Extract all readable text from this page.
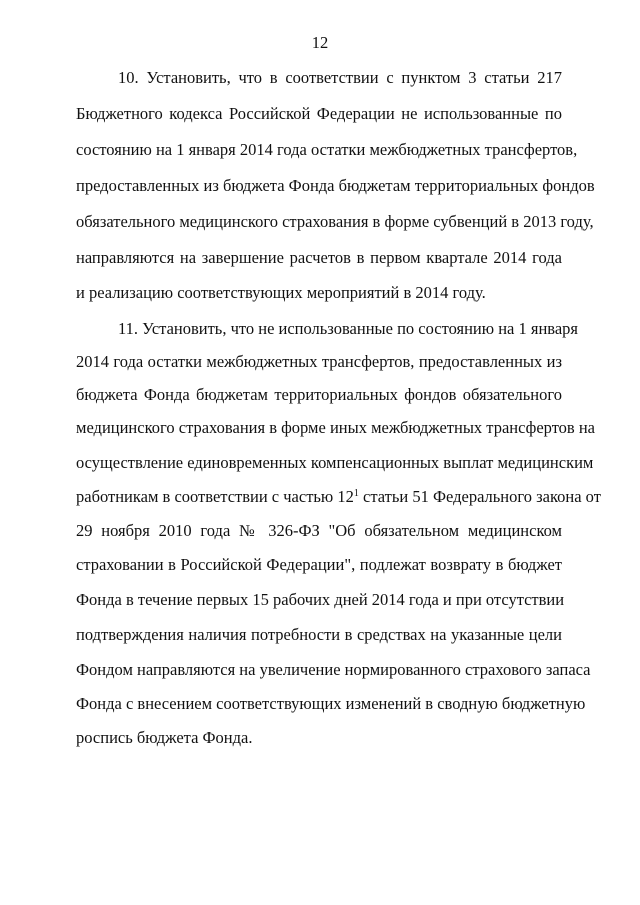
12
10. Установить, что в соответствии с пунктом 3 статьи 217
Бюджетного кодекса Российской Федерации не использованные по
состоянию на 1 января 2014 года остатки межбюджетных трансфертов,
предоставленных из бюджета Фонда бюджетам территориальных фондов
обязательного медицинского страхования в форме субвенций в 2013 году,
направляются на завершение расчетов в первом квартале 2014 года
и реализацию соответствующих мероприятий в 2014 году.
11. Установить, что не использованные по состоянию на 1 января
2014 года остатки межбюджетных трансфертов, предоставленных из
бюджета Фонда бюджетам территориальных фондов обязательного
медицинского страхования в форме иных межбюджетных трансфертов на
осуществление единовременных компенсационных выплат медицинским
работникам в соответствии с частью $12^1$ статьи 51 Федерального закона от
29 ноября 2010 года № 326-ФЗ "Об обязательном медицинском
страховании в Российской Федерации", подлежат возврату в бюджет
Фонда в течение первых 15 рабочих дней 2014 года и при отсутствии
подтверждения наличия потребности в средствах на указанные цели
Фондом направляются на увеличение нормированного страхового запаса
Фонда с внесением соответствующих изменений в сводную бюджетную
роспись бюджета Фонда.
